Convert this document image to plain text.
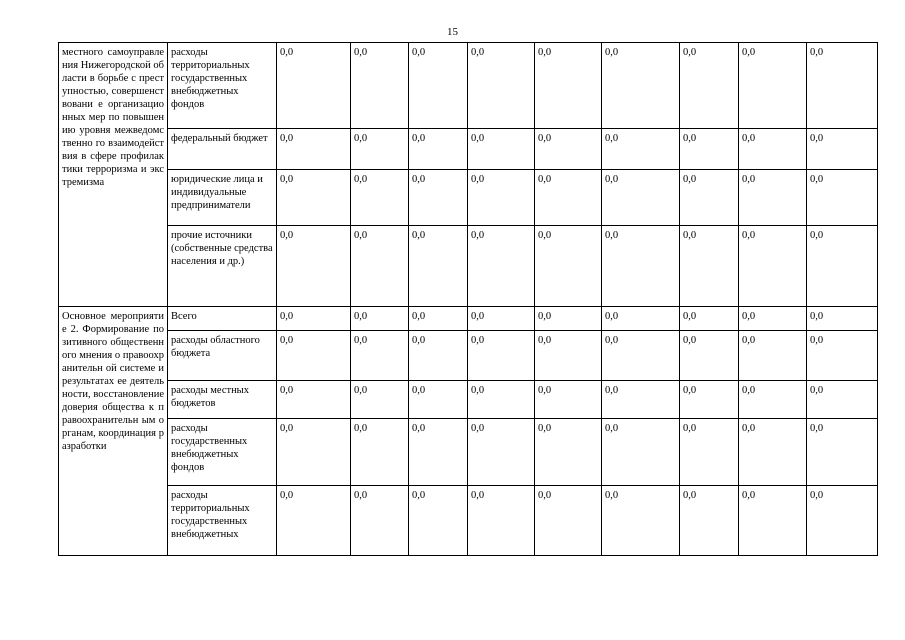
15
местного самоуправления Нижегородской области в борьбе с преступностью, совершенствовани е организационных мер по повышению уровня межведомственно го взаимодействия в сфере профилактики терроризма и экстремизма	расходы территориальных государственных внебюджетных фондов	0,0	0,0	0,0	0,0	0,0	0,0	0,0	0,0	0,0
	федеральный бюджет	0,0	0,0	0,0	0,0	0,0	0,0	0,0	0,0	0,0
	юридические лица и индивидуальные предприниматели	0,0	0,0	0,0	0,0	0,0	0,0	0,0	0,0	0,0
	прочие источники (собственные средства населения и др.)	0,0	0,0	0,0	0,0	0,0	0,0	0,0	0,0	0,0
Основное мероприятие 2. Формирование позитивного общественного мнения о правоохранительн ой системе и результатах ее деятельности, восстановление доверия общества к правоохранительн ым органам, координация разработки	Всего	0,0	0,0	0,0	0,0	0,0	0,0	0,0	0,0	0,0
	расходы областного бюджета	0,0	0,0	0,0	0,0	0,0	0,0	0,0	0,0	0,0
	расходы местных бюджетов	0,0	0,0	0,0	0,0	0,0	0,0	0,0	0,0	0,0
	расходы государственных внебюджетных фондов	0,0	0,0	0,0	0,0	0,0	0,0	0,0	0,0	0,0
	расходы территориальных государственных внебюджетных	0,0	0,0	0,0	0,0	0,0	0,0	0,0	0,0	0,0
